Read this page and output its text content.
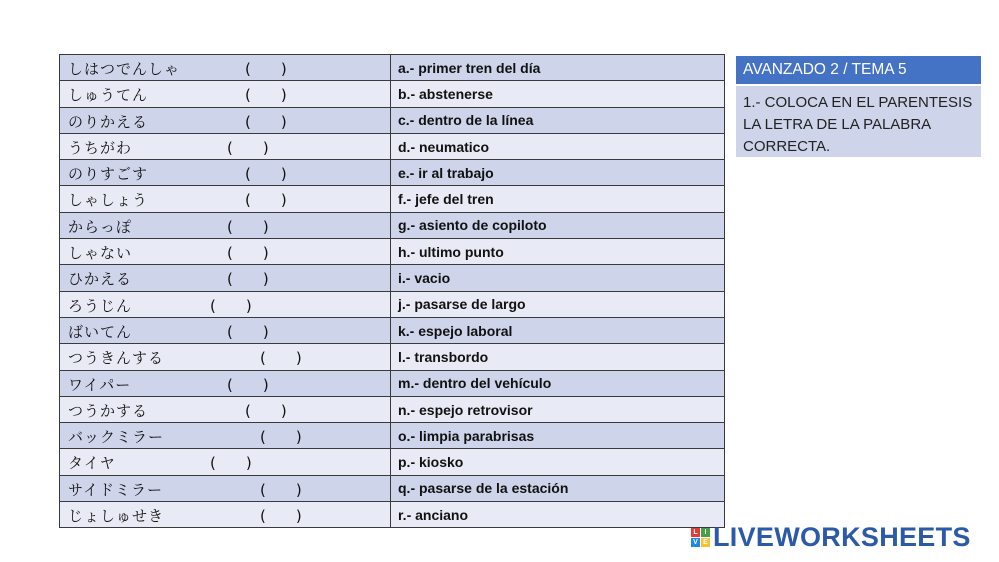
しはつでんしゃ (　　)	a.- primer tren del día

しゅうてん (　　)	b.- abstenerse

のりかえる (　　)	c.- dentro de la línea

うちがわ (　　)	d.- neumatico

のりすごす (　　)	e.- ir al trabajo

しゃしょう (　　)	f.- jefe del tren

からっぽ (　　)	g.- asiento de copiloto

しゃない (　　)	h.- ultimo punto

ひかえる (　　)	i.- vacio

ろうじん (　　)	j.- pasarse de largo

ばいてん (　　)	k.- espejo laboral

つうきんする (　　)	l.- transbordo

ワイパー (　　)	m.- dentro del vehículo

つうかする (　　)	n.- espejo retrovisor

バックミラー (　　)	o.- limpia parabrisas

タイヤ (　　)	p.- kiosko

サイドミラー (　　)	q.- pasarse de la estación

じょしゅせき (　　)	r.- anciano
AVANZADO 2 / TEMA 5
1.- COLOCA EN EL PARENTESIS LA LETRA DE LA PALABRA CORRECTA.
L I
V E LIVEWORKSHEETS
